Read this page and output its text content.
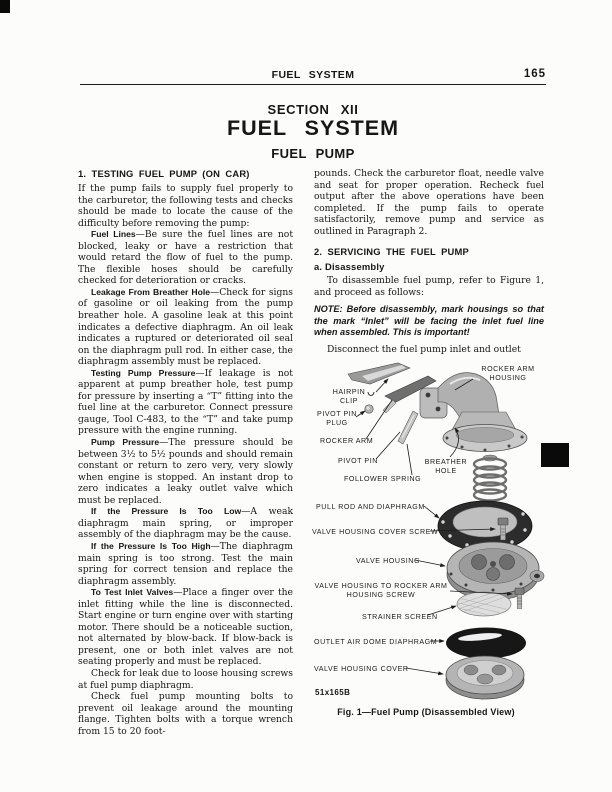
FUEL SYSTEM	165
SECTION XII
FUEL SYSTEM
FUEL PUMP
1. TESTING FUEL PUMP (ON CAR)

If the pump fails to supply fuel properly to the carburetor, the following tests and checks should be made to locate the cause of the difficulty before removing the pump:

Fuel Lines—Be sure the fuel lines are not blocked, leaky or have a restriction that would retard the flow of fuel to the pump. The flexible hoses should be carefully checked for deterioration or cracks.

Leakage From Breather Hole—Check for signs of gasoline or oil leaking from the pump breather hole. A gasoline leak at this point indicates a defective diaphragm. An oil leak indicates a ruptured or deteriorated oil seal on the diaphragm pull rod. In either case, the diaphragm assembly must be replaced.

Testing Pump Pressure—If leakage is not apparent at pump breather hole, test pump for pressure by inserting a “T” fitting into the fuel line at the carburetor. Connect pressure gauge, Tool C-483, to the “T” and take pump pressure with the engine running.

Pump Pressure—The pressure should be between 3½ to 5½ pounds and should remain constant or return to zero very, very slowly when engine is stopped. An instant drop to zero indicates a leaky outlet valve which must be replaced.

If the Pressure Is Too Low—A weak diaphragm main spring, or improper assembly of the diaphragm may be the cause.

If the Pressure Is Too High—The diaphragm main spring is too strong. Test the main spring for correct tension and replace the diaphragm assembly.

To Test Inlet Valves—Place a finger over the inlet fitting while the line is disconnected. Start engine or turn engine over with starting motor. There should be a noticeable suction, not alternated by blow-back. If blow-back is present, one or both inlet valves are not seating properly and must be replaced.

Check for leak due to loose housing screws at fuel pump diaphragm.

Check fuel pump mounting bolts to prevent oil leakage around the mounting flange. Tighten bolts with a torque wrench from 15 to 20 foot-

pounds. Check the carburetor float, needle valve and seat for proper operation. Recheck fuel output after the above operations have been completed. If the pump fails to operate satisfactorily, remove pump and service as outlined in Paragraph 2.

2. SERVICING THE FUEL PUMP
a. Disassembly

To disassemble fuel pump, refer to Figure 1, and proceed as follows:

NOTE: Before disassembly, mark housings so that the mark “Inlet” will be facing the inlet fuel line when assembled. This is important!

Disconnect the fuel pump inlet and outlet

ROCKER ARM HOUSING
HAIRPIN CLIP
PIVOT PIN PLUG
ROCKER ARM
PIVOT PIN	BREATHER HOLE
FOLLOWER SPRING
PULL ROD AND DIAPHRAGM
VALVE HOUSING COVER SCREW
VALVE HOUSING
VALVE HOUSING TO ROCKER ARM HOUSING SCREW
STRAINER SCREEN
OUTLET AIR DOME DIAPHRAGM
VALVE HOUSING COVER
51x165B
Fig. 1—Fuel Pump (Disassembled View)
